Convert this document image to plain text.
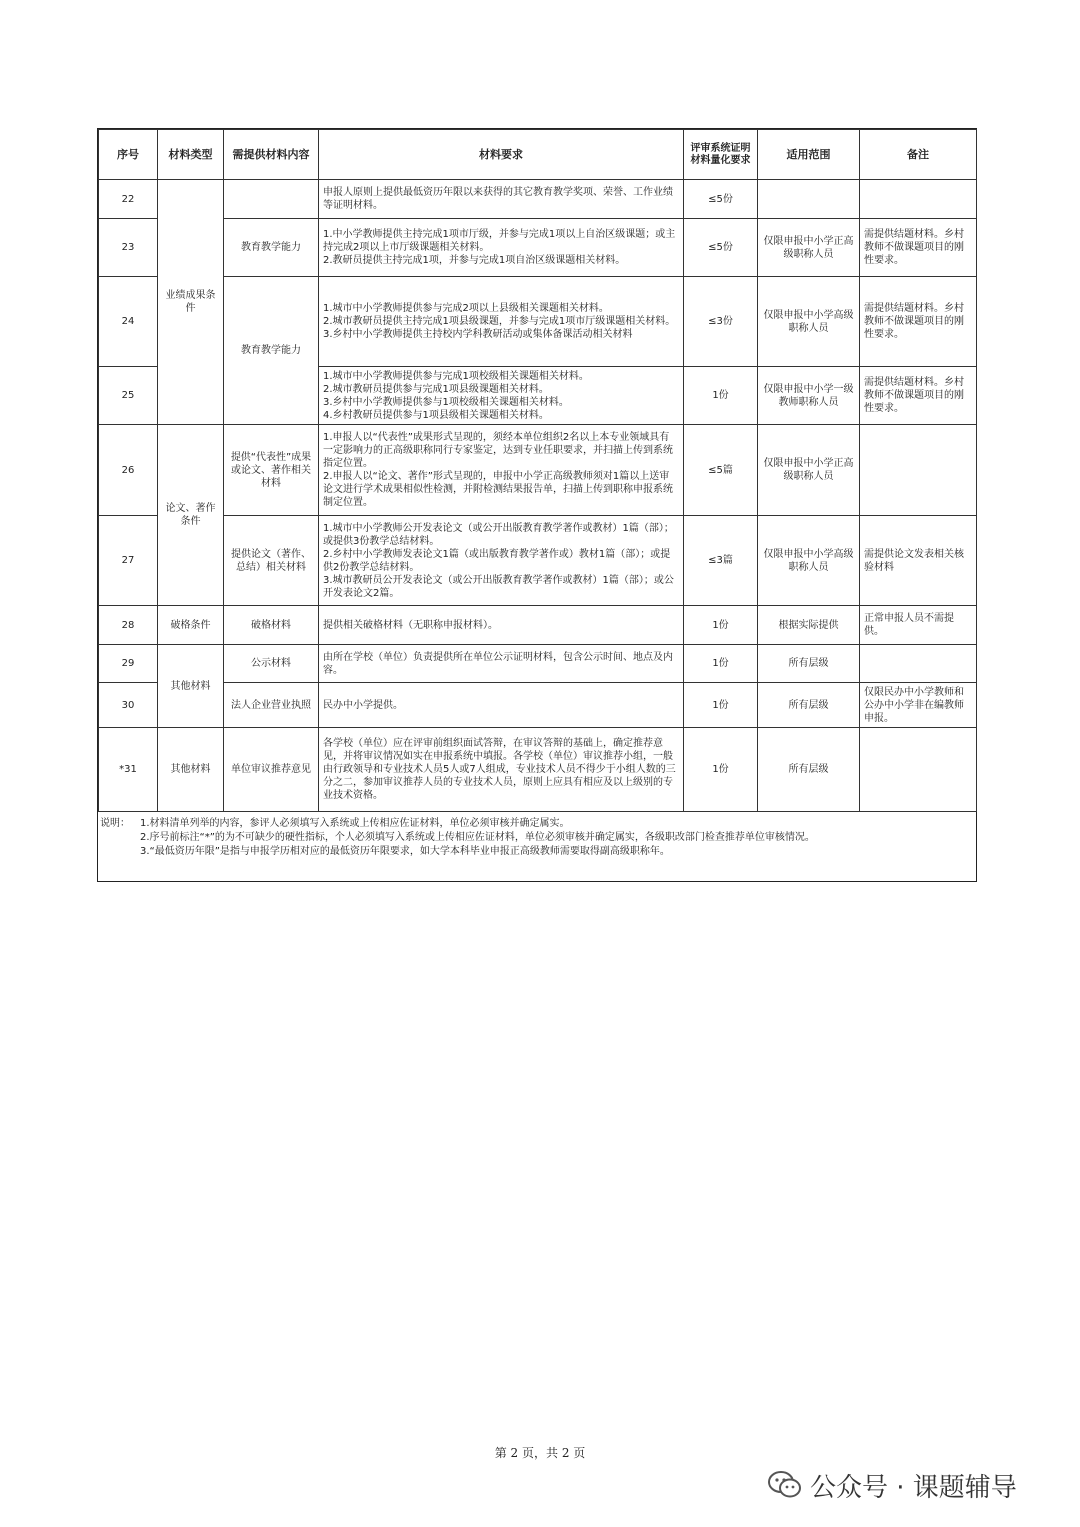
序号	材料类型	需提供材料内容	材料要求	评审系统证明材料量化要求	适用范围	备注
22	业绩成果条件		申报人原则上提供最低资历年限以来获得的其它教育教学奖项、荣誉、工作业绩等证明材料。	≤5份		
23		教育教学能力	1.中小学教师提供主持完成1项市厅级，并参与完成1项以上自治区级课题；或主持完成2项以上市厅级课题相关材料。
2.教研员提供主持完成1项，并参与完成1项自治区级课题相关材料。	≤5份	仅限申报中小学正高级职称人员	需提供结题材料。乡村教师不做课题项目的刚性要求。
24		教育教学能力	1.城市中小学教师提供参与完成2项以上县级相关课题相关材料。
2.城市教研员提供主持完成1项县级课题，并参与完成1项市厅级课题相关材料。
3.乡村中小学教师提供主持校内学科教研活动或集体备课活动相关材料	≤3份	仅限申报中小学高级职称人员	需提供结题材料。乡村教师不做课题项目的刚性要求。
25			1.城市中小学教师提供参与完成1项校级相关课题相关材料。
2.城市教研员提供参与完成1项县级课题相关材料。
3.乡村中小学教师提供参与1项校级相关课题相关材料。
4.乡村教研员提供参与1项县级相关课题相关材料。	1份	仅限申报中小学一级教师职称人员	需提供结题材料。乡村教师不做课题项目的刚性要求。
26	论文、著作条件	提供“代表性”成果或论文、著作相关材料	1.申报人以“代表性”成果形式呈现的，须经本单位组织2名以上本专业领域具有一定影响力的正高级职称同行专家鉴定，达到专业任职要求，并扫描上传到系统指定位置。
2.申报人以“论文、著作”形式呈现的，申报中小学正高级教师须对1篇以上送审论文进行学术成果相似性检测，并附检测结果报告单，扫描上传到职称申报系统制定位置。	≤5篇	仅限申报中小学正高级职称人员	
27		提供论文（著作、总结）相关材料	1.城市中小学教师公开发表论文（或公开出版教育教学著作或教材）1篇（部）；或提供3份教学总结材料。
2.乡村中小学教师发表论文1篇（或出版教育教学著作或）教材1篇（部）；或提供2份教学总结材料。
3.城市教研员公开发表论文（或公开出版教育教学著作或教材）1篇（部）；或公开发表论文2篇。	≤3篇	仅限申报中小学高级职称人员	需提供论文发表相关核验材料
28	破格条件	破格材料	提供相关破格材料（无职称申报材料）。	1份	根据实际提供	正常申报人员不需提供。
29	其他材料	公示材料	由所在学校（单位）负责提供所在单位公示证明材料，包含公示时间、地点及内容。	1份	所有层级	
30		法人企业营业执照	民办中小学提供。	1份	所有层级	仅限民办中小学教师和公办中小学非在编教师申报。
*31	其他材料	单位审议推荐意见	各学校（单位）应在评审前组织面试答辩，在审议答辩的基础上，确定推荐意见，并将审议情况如实在申报系统中填报。各学校（单位）审议推荐小组，一般由行政领导和专业技术人员5人或7人组成，专业技术人员不得少于小组人数的三分之二，参加审议推荐人员的专业技术人员，原则上应具有相应及以上级别的专业技术资格。	1份	所有层级	
说明：	1.材料清单列举的内容，参评人必须填写入系统或上传相应佐证材料，单位必须审核并确定属实。
2.序号前标注“*”的为不可缺少的硬性指标，个人必须填写入系统或上传相应佐证材料，单位必须审核并确定属实，各级职改部门检查推荐单位审核情况。
3.“最低资历年限”是指与申报学历相对应的最低资历年限要求，如大学本科毕业申报正高级教师需要取得副高级职称年。
第 2 页，共 2 页
公众号 · 课题辅导
